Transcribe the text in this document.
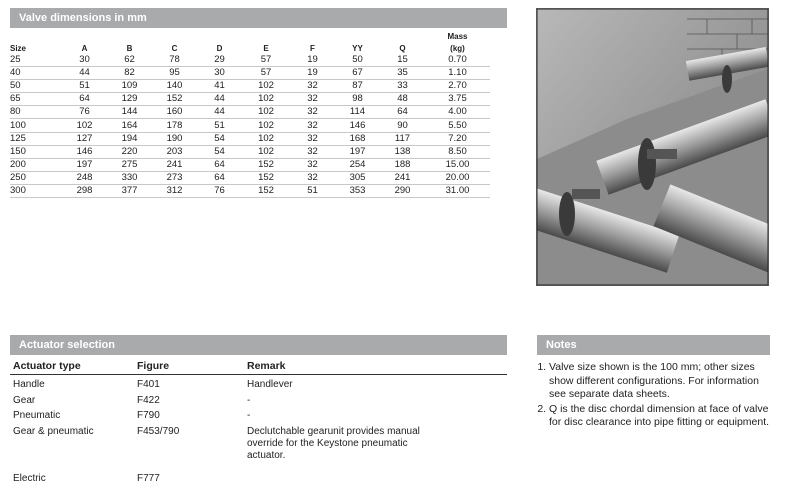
Valve dimensions in mm
									Mass
Size	A	B	C	D	E	F	YY	Q	(kg)
25	30	62	78	29	57	19	50	15	0.70
40	44	82	95	30	57	19	67	35	1.10
50	51	109	140	41	102	32	87	33	2.70
65	64	129	152	44	102	32	98	48	3.75
80	76	144	160	44	102	32	114	64	4.00
100	102	164	178	51	102	32	146	90	5.50
125	127	194	190	54	102	32	168	117	7.20
150	146	220	203	54	102	32	197	138	8.50
200	197	275	241	64	152	32	254	188	15.00
250	248	330	273	64	152	32	305	241	20.00
300	298	377	312	76	152	51	353	290	31.00
Actuator selection
Actuator type	Figure	Remark
Handle	F401	Handlever
Gear	F422	-
Pneumatic	F790	-
Gear & pneumatic	F453/790	Declutchable gearunit provides manual
override for the Keystone pneumatic
actuator.
Electric	F777
Notes
1. Valve size shown is the 100 mm; other sizes show different configurations. For information see separate data sheets.
2. Q is the disc chordal dimension at face of valve for disc clearance into pipe fitting or equipment.
